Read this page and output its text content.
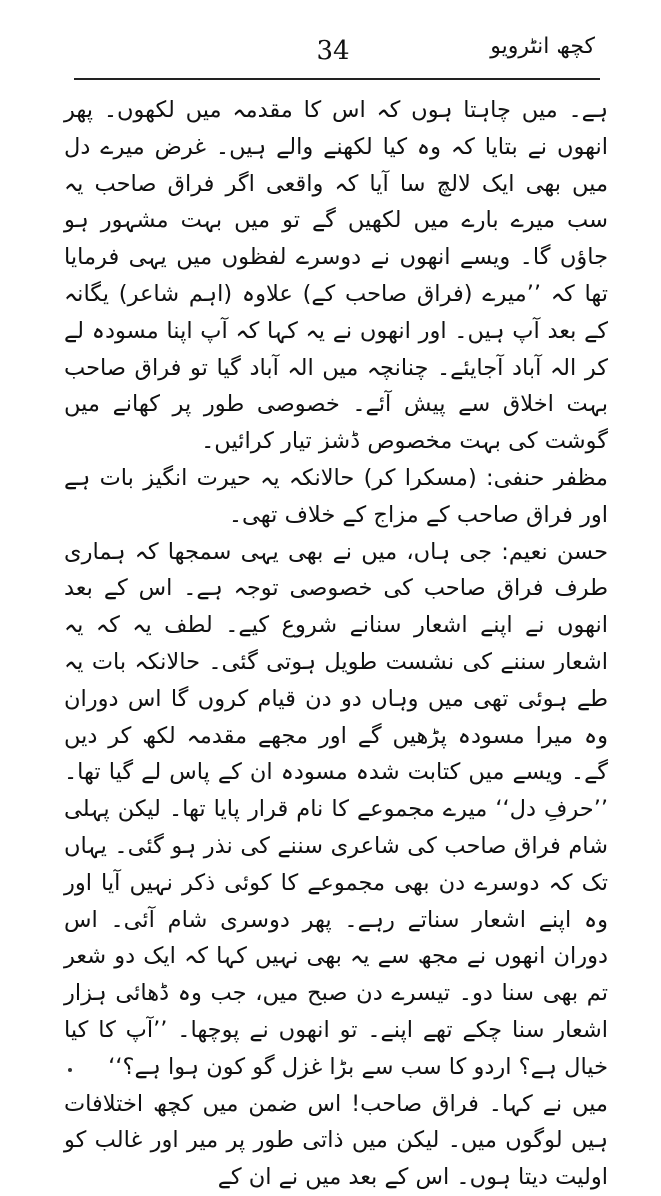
34	کچھ انٹرویو

ہے۔ میں چاہتا ہوں کہ اس کا مقدمہ میں لکھوں۔ پھر انھوں نے بتایا کہ وہ کیا لکھنے والے ہیں۔ غرض میرے دل میں بھی ایک لالچ سا آیا کہ واقعی اگر فراق صاحب یہ سب میرے بارے میں لکھیں گے تو میں بہت مشہور ہو جاؤں گا۔ ویسے انھوں نے دوسرے لفظوں میں یہی فرمایا تھا کہ ’’میرے (فراق صاحب کے) علاوہ (اہم شاعر) یگانہ کے بعد آپ ہیں۔ اور انھوں نے یہ کہا کہ آپ اپنا مسودہ لے کر الہ آباد آجایئے۔ چنانچہ میں الہ آباد گیا تو فراق صاحب بہت اخلاق سے پیش آئے۔ خصوصی طور پر کھانے میں گوشت کی بہت مخصوص ڈشز تیار کرائیں۔

مظفر حنفی: (مسکرا کر) حالانکہ یہ حیرت انگیز بات ہے اور فراق صاحب کے مزاج کے خلاف تھی۔

حسن نعیم: جی ہاں، میں نے بھی یہی سمجھا کہ ہماری طرف فراق صاحب کی خصوصی توجہ ہے۔ اس کے بعد انھوں نے اپنے اشعار سنانے شروع کیے۔ لطف یہ کہ یہ اشعار سننے کی نشست طویل ہوتی گئی۔ حالانکہ بات یہ طے ہوئی تھی میں وہاں دو دن قیام کروں گا اس دوران وہ میرا مسودہ پڑھیں گے اور مجھے مقدمہ لکھ کر دیں گے۔ ویسے میں کتابت شدہ مسودہ ان کے پاس لے گیا تھا۔ ’’حرفِ دل‘‘ میرے مجموعے کا نام قرار پایا تھا۔ لیکن پہلی شام فراق صاحب کی شاعری سننے کی نذر ہو گئی۔ یہاں تک کہ دوسرے دن بھی مجموعے کا کوئی ذکر نہیں آیا اور وہ اپنے اشعار سناتے رہے۔ پھر دوسری شام آئی۔ اس دوران انھوں نے مجھ سے یہ بھی نہیں کہا کہ ایک دو شعر تم بھی سنا دو۔ تیسرے دن صبح میں، جب وہ ڈھائی ہزار اشعار سنا چکے تھے اپنے۔ تو انھوں نے پوچھا۔ ’’آپ کا کیا خیال ہے؟ اردو کا سب سے بڑا غزل گو کون ہوا ہے؟‘‘

میں نے کہا۔ فراق صاحب! اس ضمن میں کچھ اختلافات ہیں لوگوں میں۔ لیکن میں ذاتی طور پر میر اور غالب کو اولیت دیتا ہوں۔ اس کے بعد میں نے ان کے
